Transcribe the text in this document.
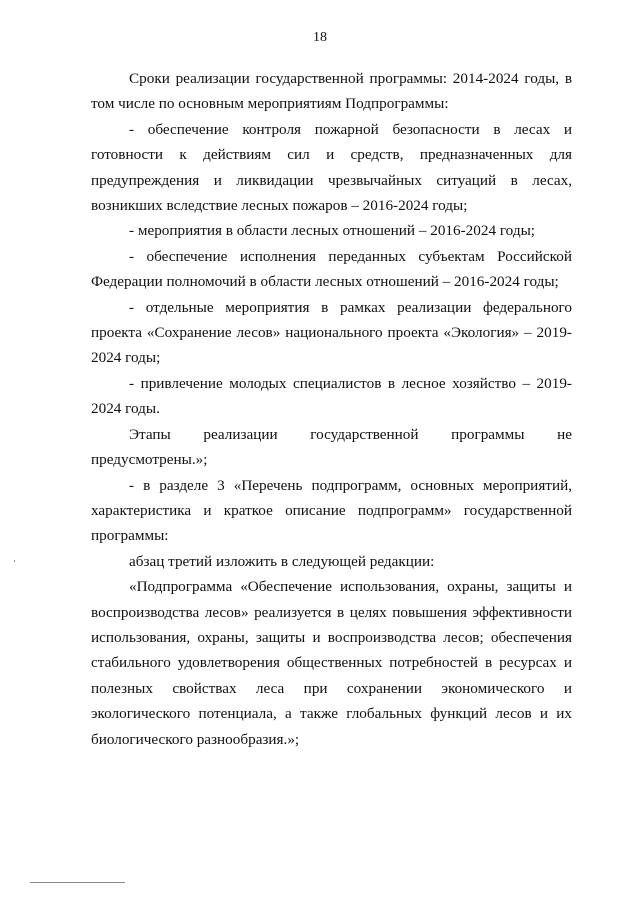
18

Сроки реализации государственной программы: 2014-2024 годы, в том числе по основным мероприятиям Подпрограммы:

- обеспечение контроля пожарной безопасности в лесах и готовности к действиям сил и средств, предназначенных для предупреждения и ликвидации чрезвычайных ситуаций в лесах, возникших вследствие лесных пожаров – 2016-2024 годы;

- мероприятия в области лесных отношений – 2016-2024 годы;

- обеспечение исполнения переданных субъектам Российской Федерации полномочий в области лесных отношений – 2016-2024 годы;

- отдельные мероприятия в рамках реализации федерального проекта «Сохранение лесов» национального проекта «Экология» – 2019-2024 годы;

- привлечение молодых специалистов в лесное хозяйство – 2019-2024 годы.

Этапы реализации государственной программы не предусмотрены.»;

- в разделе 3 «Перечень подпрограмм, основных мероприятий, характеристика и краткое описание подпрограмм» государственной программы:

абзац третий изложить в следующей редакции:

«Подпрограмма «Обеспечение использования, охраны, защиты и воспроизводства лесов» реализуется в целях повышения эффективности использования, охраны, защиты и воспроизводства лесов; обеспечения стабильного удовлетворения общественных потребностей в ресурсах и полезных свойствах леса при сохранении экономического и экологического потенциала, а также глобальных функций лесов и их биологического разнообразия.»;
